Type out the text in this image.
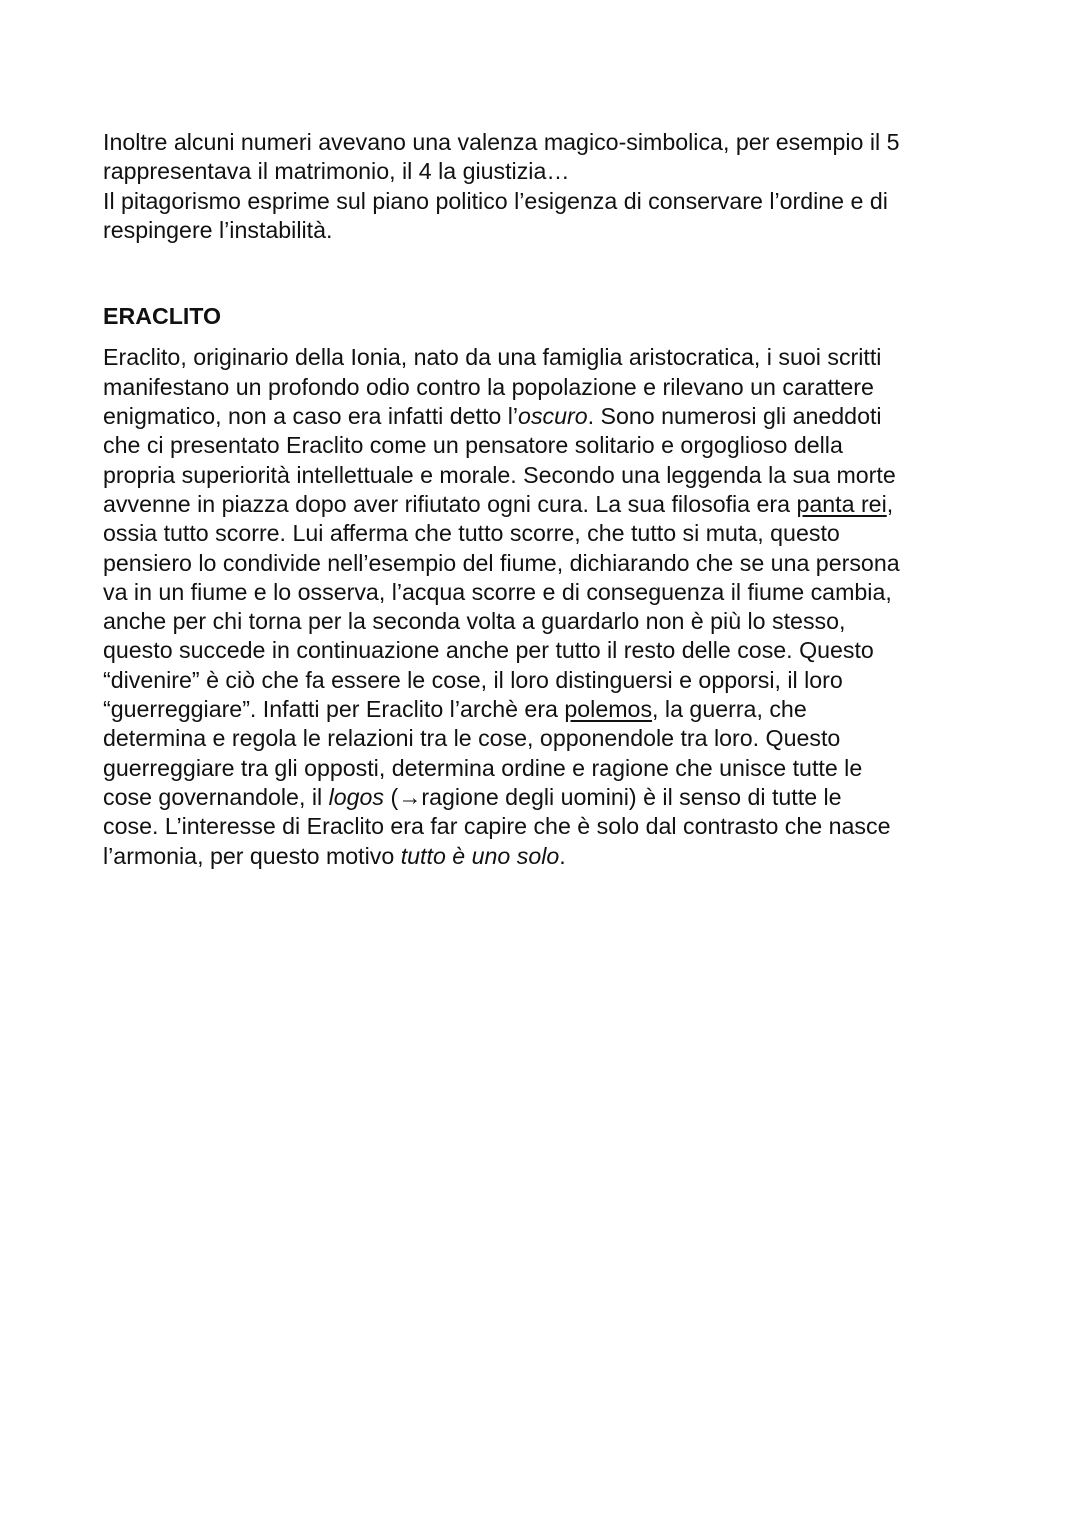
Inoltre alcuni numeri avevano una valenza magico-simbolica, per esempio il 5
rappresentava il matrimonio, il 4 la giustizia…
Il pitagorismo esprime sul piano politico l’esigenza di conservare l’ordine e di
respingere l’instabilità.
ERACLITO
Eraclito, originario della Ionia, nato da una famiglia aristocratica, i suoi scritti
manifestano un profondo odio contro la popolazione e rilevano un carattere
enigmatico, non a caso era infatti detto l’oscuro. Sono numerosi gli aneddoti
che ci presentato Eraclito come un pensatore solitario e orgoglioso della
propria superiorità intellettuale e morale. Secondo una leggenda la sua morte
avvenne in piazza dopo aver rifiutato ogni cura. La sua filosofia era panta rei,
ossia tutto scorre. Lui afferma che tutto scorre, che tutto si muta, questo
pensiero lo condivide nell’esempio del fiume, dichiarando che se una persona
va in un fiume e lo osserva, l’acqua scorre e di conseguenza il fiume cambia,
anche per chi torna per la seconda volta a guardarlo non è più lo stesso,
questo succede in continuazione anche per tutto il resto delle cose. Questo
“divenire” è ciò che fa essere le cose, il loro distinguersi e opporsi, il loro
“guerreggiare”. Infatti per Eraclito l’archè era polemos, la guerra, che
determina e regola le relazioni tra le cose, opponendole tra loro. Questo
guerreggiare tra gli opposti, determina ordine e ragione che unisce tutte le
cose governandole, il logos (→ragione degli uomini) è il senso di tutte le
cose. L’interesse di Eraclito era far capire che è solo dal contrasto che nasce
l’armonia, per questo motivo tutto è uno solo.
